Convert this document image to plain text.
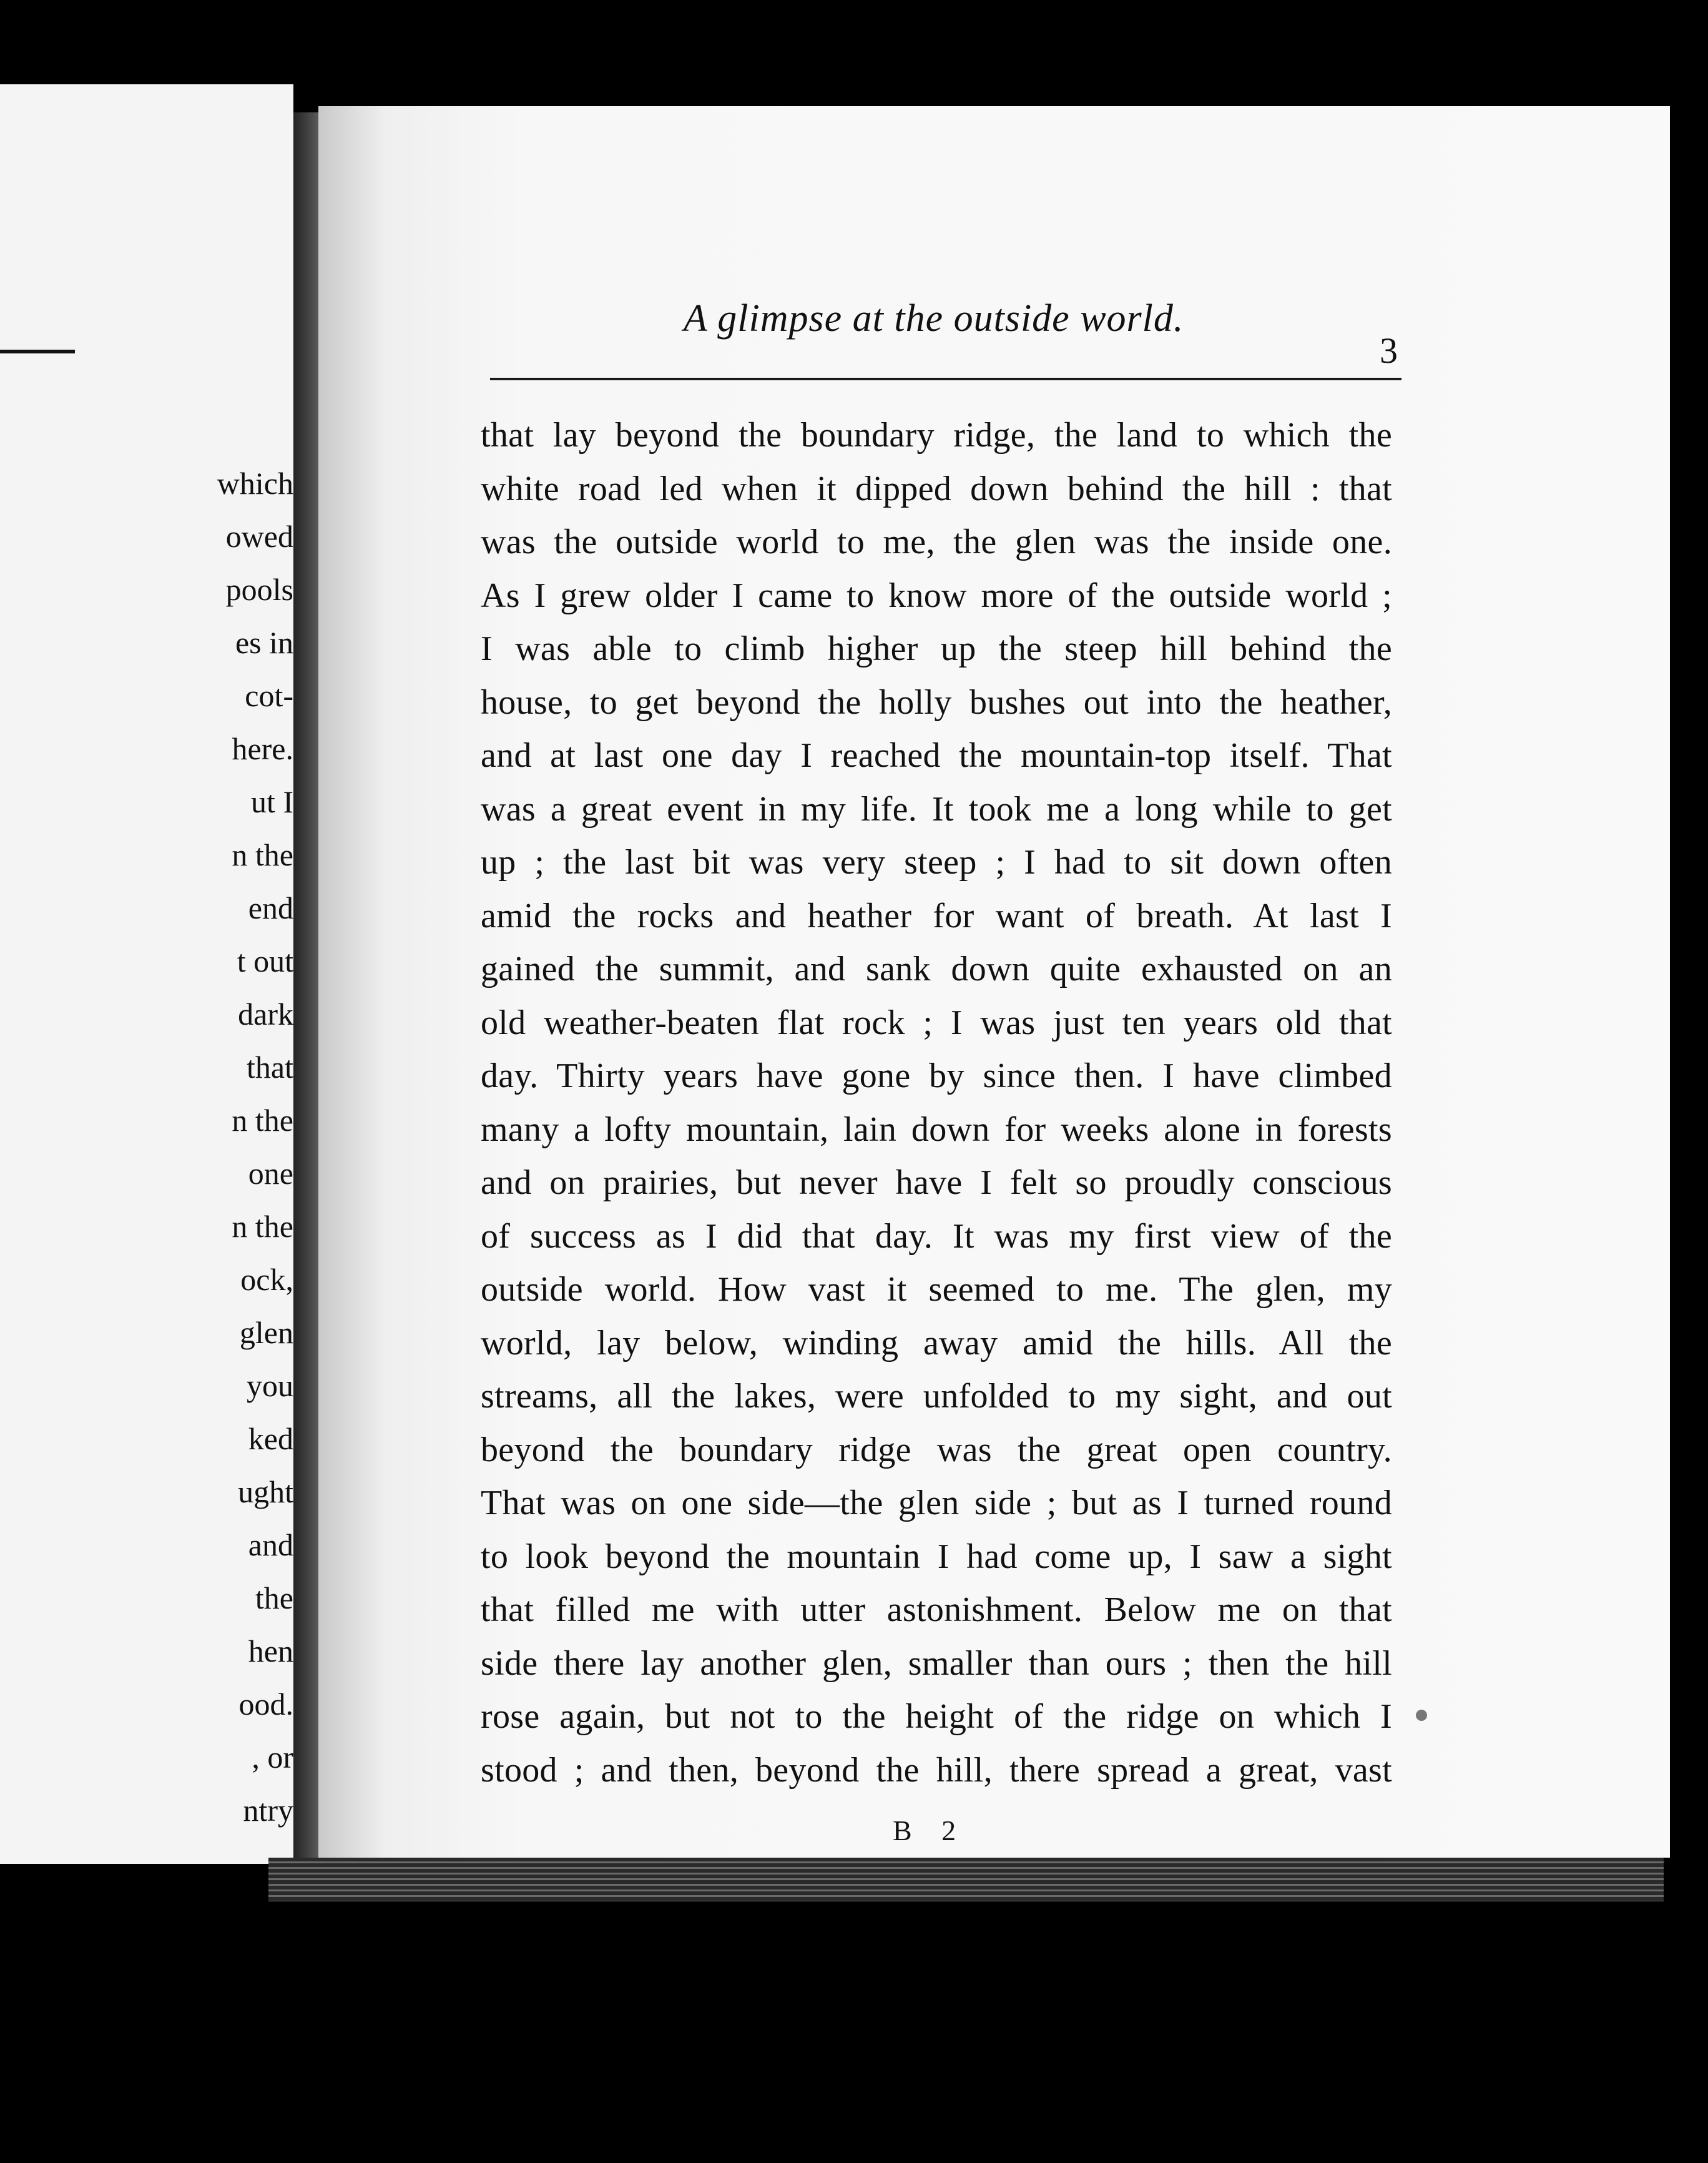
which
owed
pools
es in
cot-
here.
ut I
n the
end
t out
dark
that
n the
one
n the
ock,
glen
you
ked
ught
and
the
hen
ood.
, or
ntry
A glimpse at the outside world.
3
that lay beyond the boundary ridge, the land to which the
white road led when it dipped down behind the hill : that
was the outside world to me, the glen was the inside one.
As I grew older I came to know more of the outside world ;
I was able to climb higher up the steep hill behind the
house, to get beyond the holly bushes out into the heather,
and at last one day I reached the mountain-top itself. That
was a great event in my life. It took me a long while to get
up ; the last bit was very steep ; I had to sit down often
amid the rocks and heather for want of breath. At last I
gained the summit, and sank down quite exhausted on an
old weather-beaten flat rock ; I was just ten years old that
day. Thirty years have gone by since then. I have climbed
many a lofty mountain, lain down for weeks alone in forests
and on prairies, but never have I felt so proudly conscious
of success as I did that day. It was my first view of the
outside world. How vast it seemed to me. The glen, my
world, lay below, winding away amid the hills. All the
streams, all the lakes, were unfolded to my sight, and out
beyond the boundary ridge was the great open country.
That was on one side—the glen side ; but as I turned round
to look beyond the mountain I had come up, I saw a sight
that filled me with utter astonishment. Below me on that
side there lay another glen, smaller than ours ; then the hill
rose again, but not to the height of the ridge on which I
stood ; and then, beyond the hill, there spread a great, vast
B 2
